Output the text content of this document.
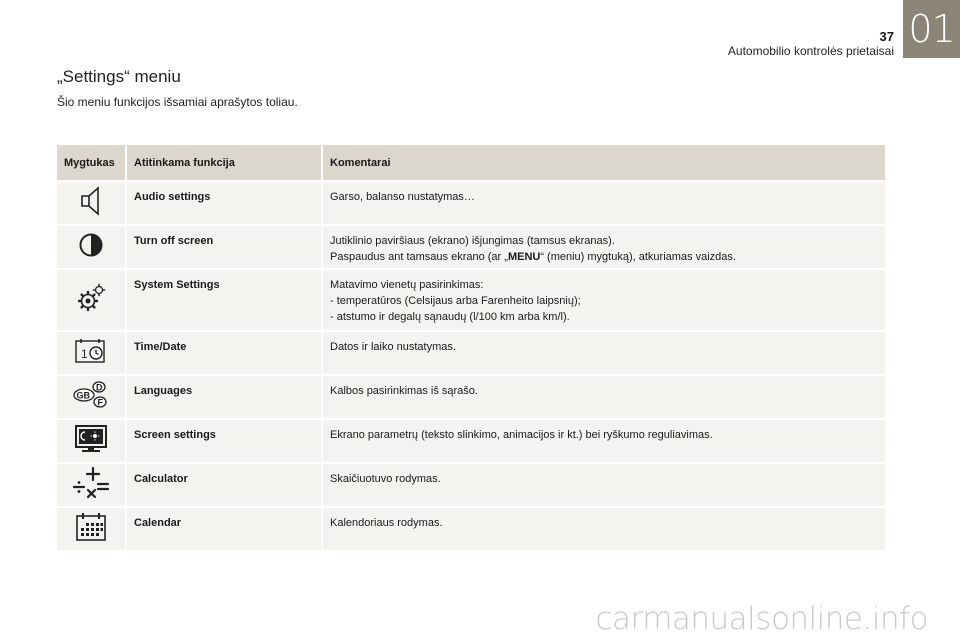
37
Automobilio kontrolės prietaisai 01
„Settings“ meniu
Šio meniu funkcijos išsamiai aprašytos toliau.
Mygtukas	Atitinkama funkcija	Komentarai
	Audio settings	Garso, balanso nustatymas…

	Turn off screen	Jutiklinio paviršiaus (ekrano) išjungimas (tamsus ekranas).
Paspaudus ant tamsaus ekrano (ar „MENU“ (meniu) mygtuką), atkuriamas vaizdas.

	System Settings	Matavimo vienetų pasirinkimas:
- temperatūros (Celsijaus arba Farenheito laipsnių);
- atstumo ir degalų sąnaudų (l/100 km arba km/l).

1	Time/Date	Datos ir laiko nustatymas.

D
GB
F	Languages	Kalbos pasirinkimas iš sąrašo.

	Screen settings	Ekrano parametrų (teksto slinkimo, animacijos ir kt.) bei ryškumo reguliavimas.

	Calculator	Skaičiuotuvo rodymas.

	Calendar	Kalendoriaus rodymas.
carmanualsonline.info
